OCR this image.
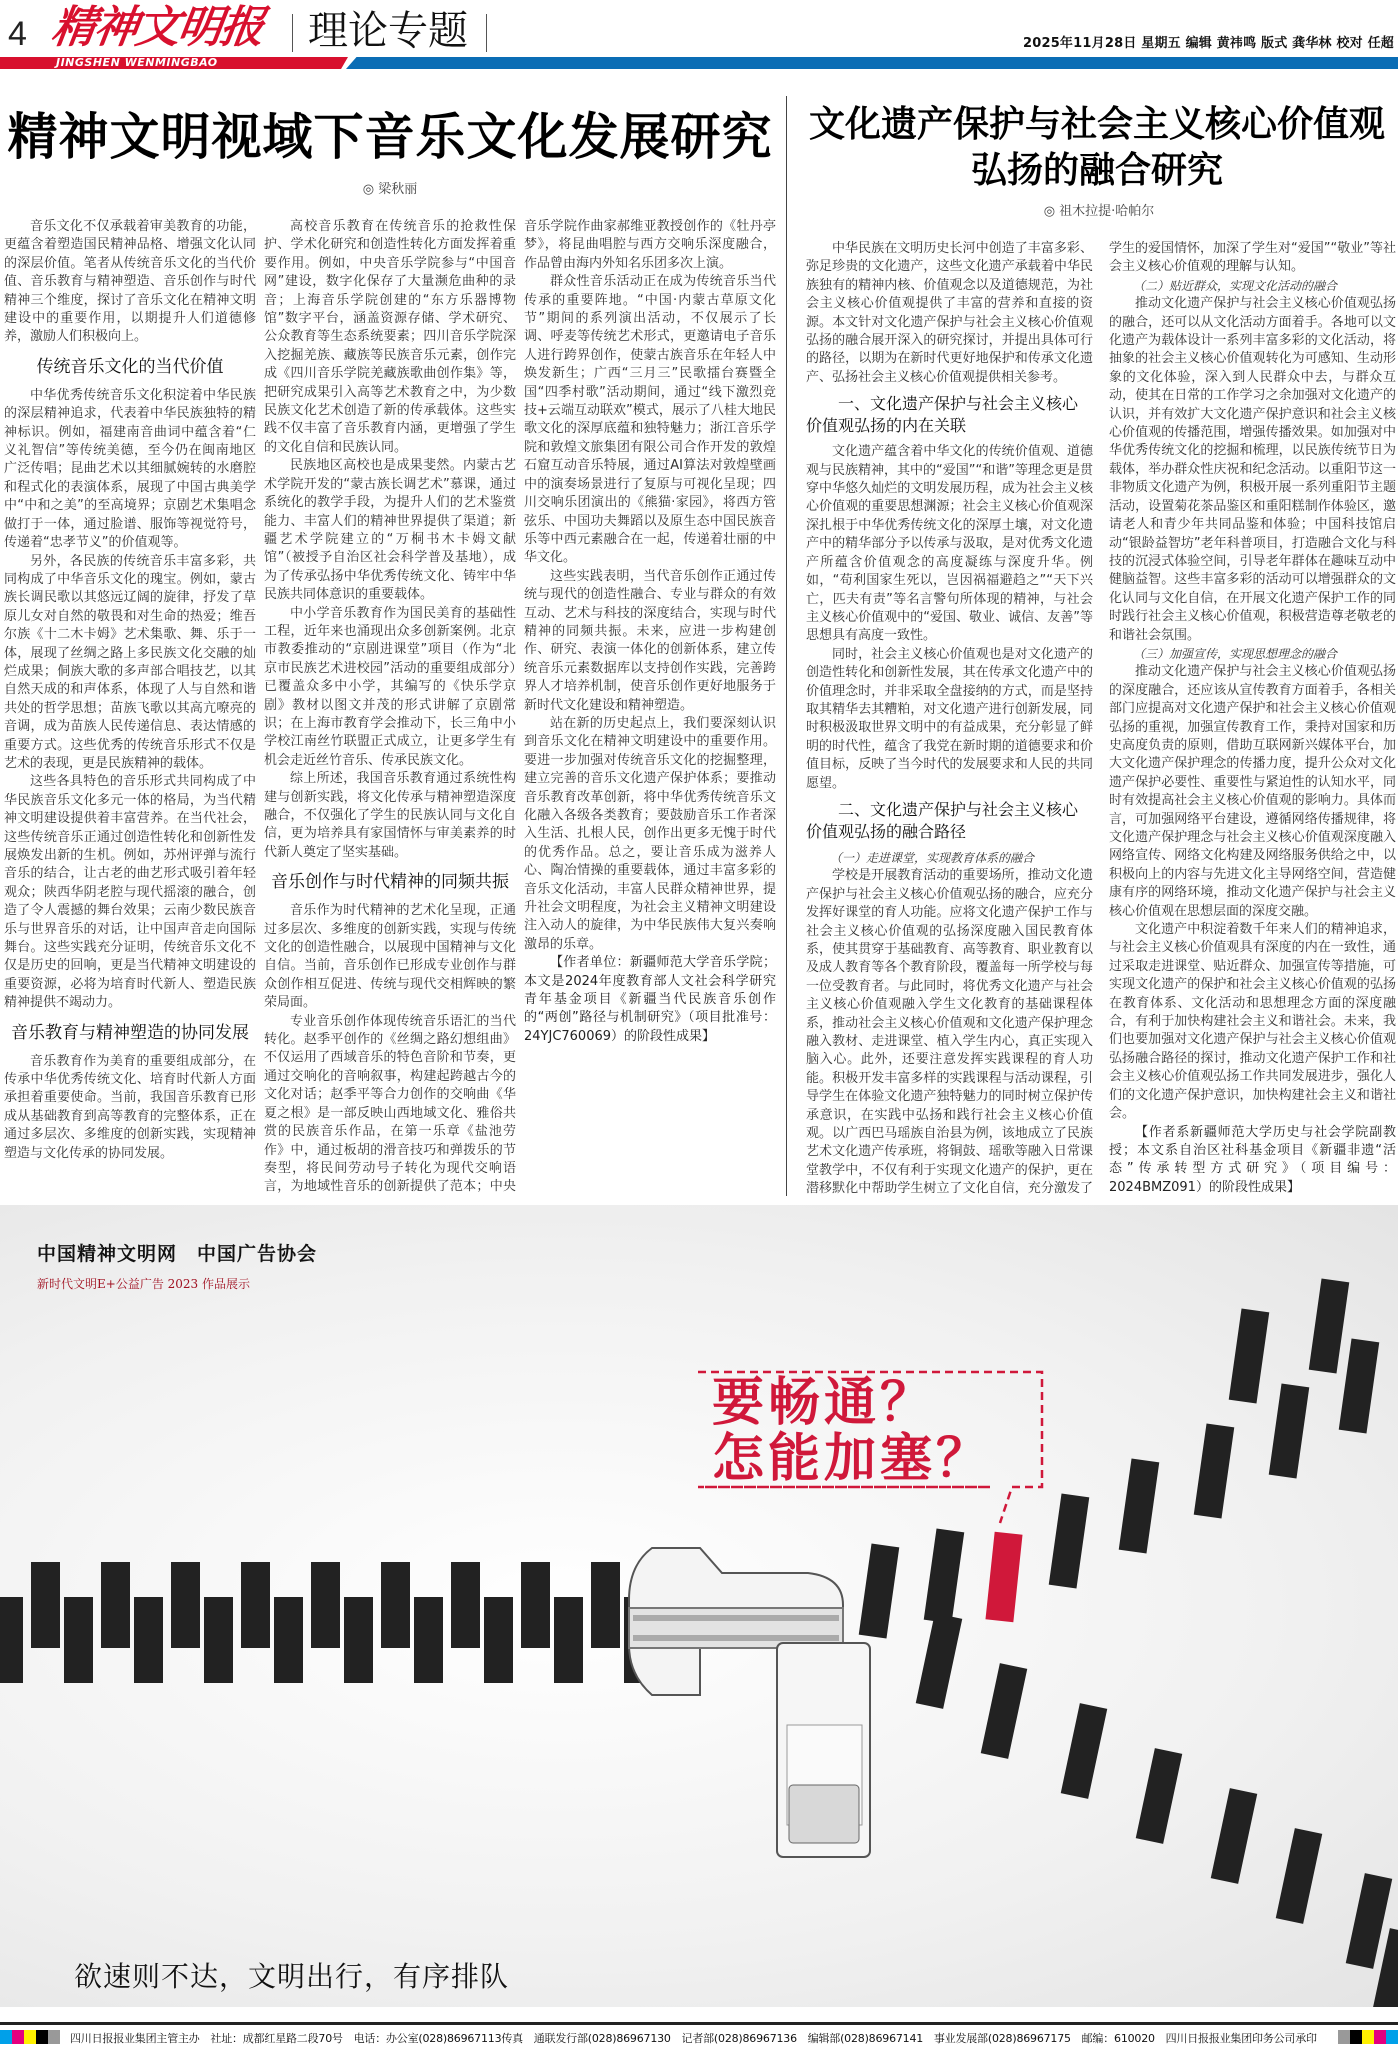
4 精神文明报 理论专题	2025年11月28日 星期五 编辑 黄祎鸣 版式 龚华林 校对 任超
JINGSHEN WENMINGBAO
精神文明视域下音乐文化发展研究
◎ 梁秋丽

音乐文化不仅承载着审美教育的功能，更蕴含着塑造国民精神品格、增强文化认同的深层价值。笔者从传统音乐文化的当代价值、音乐教育与精神塑造、音乐创作与时代精神三个维度，探讨了音乐文化在精神文明建设中的重要作用，以期提升人们道德修养，激励人们积极向上。

传统音乐文化的当代价值

中华优秀传统音乐文化积淀着中华民族的深层精神追求，代表着中华民族独特的精神标识。例如，福建南音曲词中蕴含着“仁义礼智信”等传统美德，至今仍在闽南地区广泛传唱；昆曲艺术以其细腻婉转的水磨腔和程式化的表演体系，展现了中国古典美学中“中和之美”的至高境界；京剧艺术集唱念做打于一体，通过脸谱、服饰等视觉符号，传递着“忠孝节义”的价值观等。

另外，各民族的传统音乐丰富多彩，共同构成了中华音乐文化的瑰宝。例如，蒙古族长调民歌以其悠远辽阔的旋律，抒发了草原儿女对自然的敬畏和对生命的热爱；维吾尔族《十二木卡姆》艺术集歌、舞、乐于一体，展现了丝绸之路上多民族文化交融的灿烂成果；侗族大歌的多声部合唱技艺，以其自然天成的和声体系，体现了人与自然和谐共处的哲学思想；苗族飞歌以其高亢嘹亮的音调，成为苗族人民传递信息、表达情感的重要方式。这些优秀的传统音乐形式不仅是艺术的表现，更是民族精神的载体。

这些各具特色的音乐形式共同构成了中华民族音乐文化多元一体的格局，为当代精神文明建设提供着丰富营养。在当代社会，这些传统音乐正通过创造性转化和创新性发展焕发出新的生机。例如，苏州评弹与流行音乐的结合，让古老的曲艺形式吸引着年轻观众；陕西华阴老腔与现代摇滚的融合，创造了令人震撼的舞台效果；云南少数民族音乐与世界音乐的对话，让中国声音走向国际舞台。这些实践充分证明，传统音乐文化不仅是历史的回响，更是当代精神文明建设的重要资源，必将为培育时代新人、塑造民族精神提供不竭动力。

音乐教育与精神塑造的协同发展

音乐教育作为美育的重要组成部分，在传承中华优秀传统文化、培育时代新人方面承担着重要使命。当前，我国音乐教育已形成从基础教育到高等教育的完整体系，正在通过多层次、多维度的创新实践，实现精神塑造与文化传承的协同发展。

高校音乐教育在传统音乐的抢救性保护、学术化研究和创造性转化方面发挥着重要作用。例如，中央音乐学院参与“中国音网”建设，数字化保存了大量濒危曲种的录音；上海音乐学院创建的“东方乐器博物馆”数字平台，涵盖资源存储、学术研究、公众教育等生态系统要素；四川音乐学院深入挖掘羌族、藏族等民族音乐元素，创作完成《四川音乐学院羌藏族歌曲创作集》等，把研究成果引入高等艺术教育之中，为少数民族文化艺术创造了新的传承载体。这些实践不仅丰富了音乐教育内涵，更增强了学生的文化自信和民族认同。

民族地区高校也是成果斐然。内蒙古艺术学院开发的“蒙古族长调艺术”慕课，通过系统化的教学手段，为提升人们的艺术鉴赏能力、丰富人们的精神世界提供了渠道；新疆艺术学院建立的“万桐书木卡姆文献馆”（被授予自治区社会科学普及基地），成为了传承弘扬中华优秀传统文化、铸牢中华民族共同体意识的重要载体。

中小学音乐教育作为国民美育的基础性工程，近年来也涌现出众多创新案例。北京市教委推动的“京剧进课堂”项目（作为“北京市民族艺术进校园”活动的重要组成部分）已覆盖众多中小学，其编写的《快乐学京剧》教材以图文并茂的形式讲解了京剧常识；在上海市教育学会推动下，长三角中小学校江南丝竹联盟正式成立，让更多学生有机会走近丝竹音乐、传承民族文化。

综上所述，我国音乐教育通过系统性构建与创新实践，将文化传承与精神塑造深度融合，不仅强化了学生的民族认同与文化自信，更为培养具有家国情怀与审美素养的时代新人奠定了坚实基础。

音乐创作与时代精神的同频共振

音乐作为时代精神的艺术化呈现，正通过多层次、多维度的创新实践，实现与传统文化的创造性融合，以展现中国精神与文化自信。当前，音乐创作已形成专业创作与群众创作相互促进、传统与现代交相辉映的繁荣局面。

专业音乐创作体现传统音乐语汇的当代转化。赵季平创作的《丝绸之路幻想组曲》不仅运用了西域音乐的特色音阶和节奏，更通过交响化的音响叙事，构建起跨越古今的文化对话；赵季平等合力创作的交响曲《华夏之根》是一部反映山西地域文化、雅俗共赏的民族音乐作品，在第一乐章《盐池劳作》中，通过板胡的滑音技巧和弹拨乐的节奏型，将民间劳动号子转化为现代交响语言，为地域性音乐的创新提供了范本；中央音乐学院作曲家郝维亚教授创作的《牡丹亭梦》，将昆曲唱腔与西方交响乐深度融合，作品曾由海内外知名乐团多次上演。

群众性音乐活动正在成为传统音乐当代传承的重要阵地。“中国·内蒙古草原文化节”期间的系列演出活动，不仅展示了长调、呼麦等传统艺术形式，更邀请电子音乐人进行跨界创作，使蒙古族音乐在年轻人中焕发新生；广西“三月三”民歌擂台赛暨全国“四季村歌”活动期间，通过“线下激烈竞技+云端互动联欢”模式，展示了八桂大地民歌文化的深厚底蕴和独特魅力；浙江音乐学院和敦煌文旅集团有限公司合作开发的敦煌石窟互动音乐特展，通过AI算法对敦煌壁画中的演奏场景进行了复原与可视化呈现；四川交响乐团演出的《熊猫·家园》，将西方管弦乐、中国功夫舞蹈以及原生态中国民族音乐等中西元素融合在一起，传递着壮丽的中华文化。

这些实践表明，当代音乐创作正通过传统与现代的创造性融合、专业与群众的有效互动、艺术与科技的深度结合，实现与时代精神的同频共振。未来，应进一步构建创作、研究、表演一体化的创新体系，建立传统音乐元素数据库以支持创作实践，完善跨界人才培养机制，使音乐创作更好地服务于新时代文化建设和精神塑造。

站在新的历史起点上，我们要深刻认识到音乐文化在精神文明建设中的重要作用。要进一步加强对传统音乐文化的挖掘整理，建立完善的音乐文化遗产保护体系；要推动音乐教育改革创新，将中华优秀传统音乐文化融入各级各类教育；要鼓励音乐工作者深入生活、扎根人民，创作出更多无愧于时代的优秀作品。总之，要让音乐成为滋养人心、陶冶情操的重要载体，通过丰富多彩的音乐文化活动，丰富人民群众精神世界，提升社会文明程度，为社会主义精神文明建设注入动人的旋律，为中华民族伟大复兴奏响激昂的乐章。

【作者单位：新疆师范大学音乐学院；本文是2024年度教育部人文社会科学研究青年基金项目《新疆当代民族音乐创作的“两创”路径与机制研究》（项目批准号：24YJC760069）的阶段性成果】

文化遗产保护与社会主义核心价值观
弘扬的融合研究
◎ 祖木拉提·哈帕尔

中华民族在文明历史长河中创造了丰富多彩、弥足珍贵的文化遗产，这些文化遗产承载着中华民族独有的精神内核、价值观念以及道德规范，为社会主义核心价值观提供了丰富的营养和直接的资源。本文针对文化遗产保护与社会主义核心价值观弘扬的融合展开深入的研究探讨，并提出具体可行的路径，以期为在新时代更好地保护和传承文化遗产、弘扬社会主义核心价值观提供相关参考。

一、文化遗产保护与社会主义核心价值观弘扬的内在关联

文化遗产蕴含着中华文化的传统价值观、道德观与民族精神，其中的“爱国”“和谐”等理念更是贯穿中华悠久灿烂的文明发展历程，成为社会主义核心价值观的重要思想渊源；社会主义核心价值观深深扎根于中华优秀传统文化的深厚土壤，对文化遗产中的精华部分予以传承与汲取，是对优秀文化遗产所蕴含价值观念的高度凝练与深度升华。例如，“苟利国家生死以，岂因祸福避趋之”“天下兴亡，匹夫有责”等名言警句所体现的精神，与社会主义核心价值观中的“爱国、敬业、诚信、友善”等思想具有高度一致性。

同时，社会主义核心价值观也是对文化遗产的创造性转化和创新性发展，其在传承文化遗产中的价值理念时，并非采取全盘接纳的方式，而是坚持取其精华去其糟粕，对文化遗产进行创新发展，同时积极汲取世界文明中的有益成果，充分彰显了鲜明的时代性，蕴含了我党在新时期的道德要求和价值目标，反映了当今时代的发展要求和人民的共同愿望。

二、文化遗产保护与社会主义核心价值观弘扬的融合路径
（一）走进课堂，实现教育体系的融合

学校是开展教育活动的重要场所，推动文化遗产保护与社会主义核心价值观弘扬的融合，应充分发挥好课堂的育人功能。应将文化遗产保护工作与社会主义核心价值观的弘扬深度融入国民教育体系，使其贯穿于基础教育、高等教育、职业教育以及成人教育等各个教育阶段，覆盖每一所学校与每一位受教育者。与此同时，将优秀文化遗产与社会主义核心价值观融入学生文化教育的基础课程体系，推动社会主义核心价值观和文化遗产保护理念融入教材、走进课堂、植入学生内心，真正实现入脑入心。此外，还要注意发挥实践课程的育人功能。积极开发丰富多样的实践课程与活动课程，引导学生在体验文化遗产独特魅力的同时树立保护传承意识，在实践中弘扬和践行社会主义核心价值观。以广西巴马瑶族自治县为例，该地成立了民族艺术文化遗产传承班，将铜鼓、瑶歌等融入日常课堂教学中，不仅有利于实现文化遗产的保护，更在潜移默化中帮助学生树立了文化自信，充分激发了学生的爱国情怀，加深了学生对“爱国”“敬业”等社会主义核心价值观的理解与认知。

（二）贴近群众，实现文化活动的融合

推动文化遗产保护与社会主义核心价值观弘扬的融合，还可以从文化活动方面着手。各地可以文化遗产为载体设计一系列丰富多彩的文化活动，将抽象的社会主义核心价值观转化为可感知、生动形象的文化体验，深入到人民群众中去，与群众互动，使其在日常的工作学习之余加强对文化遗产的认识，并有效扩大文化遗产保护意识和社会主义核心价值观的传播范围，增强传播效果。如加强对中华优秀传统文化的挖掘和梳理，以民族传统节日为载体，举办群众性庆祝和纪念活动。以重阳节这一非物质文化遗产为例，积极开展一系列重阳节主题活动，设置菊花茶品鉴区和重阳糕制作体验区，邀请老人和青少年共同品鉴和体验；中国科技馆启动“银龄益智坊”老年科普项目，打造融合文化与科技的沉浸式体验空间，引导老年群体在趣味互动中健脑益智。这些丰富多彩的活动可以增强群众的文化认同与文化自信，在开展文化遗产保护工作的同时践行社会主义核心价值观，积极营造尊老敬老的和谐社会氛围。

（三）加强宣传，实现思想理念的融合

推动文化遗产保护与社会主义核心价值观弘扬的深度融合，还应该从宣传教育方面着手，各相关部门应提高对文化遗产保护和社会主义核心价值观弘扬的重视，加强宣传教育工作，秉持对国家和历史高度负责的原则，借助互联网新兴媒体平台，加大文化遗产保护理念的传播力度，提升公众对文化遗产保护必要性、重要性与紧迫性的认知水平，同时有效提高社会主义核心价值观的影响力。具体而言，可加强网络平台建设，遵循网络传播规律，将文化遗产保护理念与社会主义核心价值观深度融入网络宣传、网络文化构建及网络服务供给之中，以积极向上的内容与先进文化主导网络空间，营造健康有序的网络环境，推动文化遗产保护与社会主义核心价值观在思想层面的深度交融。

文化遗产中积淀着数千年来人们的精神追求，与社会主义核心价值观具有深度的内在一致性，通过采取走进课堂、贴近群众、加强宣传等措施，可实现文化遗产的保护和社会主义核心价值观的弘扬在教育体系、文化活动和思想理念方面的深度融合，有利于加快构建社会主义和谐社会。未来，我们也要加强对文化遗产保护与社会主义核心价值观弘扬融合路径的探讨，推动文化遗产保护工作和社会主义核心价值观弘扬工作共同发展进步，强化人们的文化遗产保护意识，加快构建社会主义和谐社会。

【作者系新疆师范大学历史与社会学院副教授；本文系自治区社科基金项目《新疆非遗“活态”传承转型方式研究》（项目编号：2024BMZ091）的阶段性成果】

中国精神文明网　中国广告协会
新时代文明E+公益广告 2023 作品展示
要畅通？
怎能加塞？
欲速则不达，文明出行，有序排队
四川日报报业集团主管主办　社址：成都红星路二段70号　电话：办公室(028)86967113传真　通联发行部(028)86967130　记者部(028)86967136　编辑部(028)86967141　事业发展部(028)86967175　邮编：610020　四川日报报业集团印务公司承印
